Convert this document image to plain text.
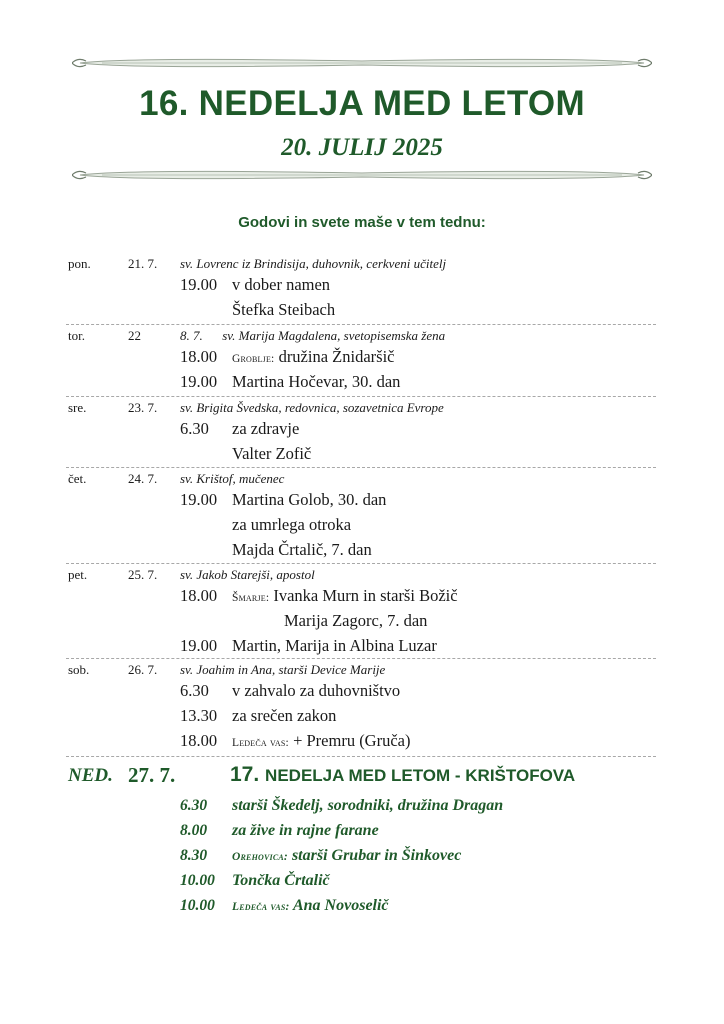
16. NEDELJA MED LETOM
20. JULIJ 2025
Godovi in svete maše v tem tednu:
pon.	21. 7. sv. Lovrenc iz Brindisija, duhovnik, cerkveni učitelj
19.00 v dober namen
Štefka Steibach
tor.	22	8. 7. sv. Marija Magdalena, svetopisemska žena
18.00 Groblje: družina Žnidaršič
19.00 Martina Hočevar, 30. dan
sre.	23. 7. sv. Brigita Švedska, redovnica, sozavetnica Evrope
6.30 za zdravje
Valter Zofič
čet.	24. 7. sv. Krištof, mučenec
19.00 Martina Golob, 30. dan
za umrlega otroka
Majda Črtalič, 7. dan
pet.	25. 7. sv. Jakob Starejši, apostol
18.00 Šmarje: Ivanka Murn in starši Božič
Marija Zagorc, 7. dan
19.00 Martin, Marija in Albina Luzar
sob.	26. 7. sv. Joahim in Ana, starši Device Marije
6.30 v zahvalo za duhovništvo
13.30 za srečen zakon
18.00 Ledeča vas: + Premru (Gruča)
NED. 27. 7.	17. NEDELJA MED LETOM - KRIŠTOFOVA
6.30 starši Škedelj, sorodniki, družina Dragan
8.00 za žive in rajne farane
8.30 Orehovica: starši Grubar in Šinkovec
10.00 Tončka Črtalič
10.00 Ledeča vas: Ana Novoselič
